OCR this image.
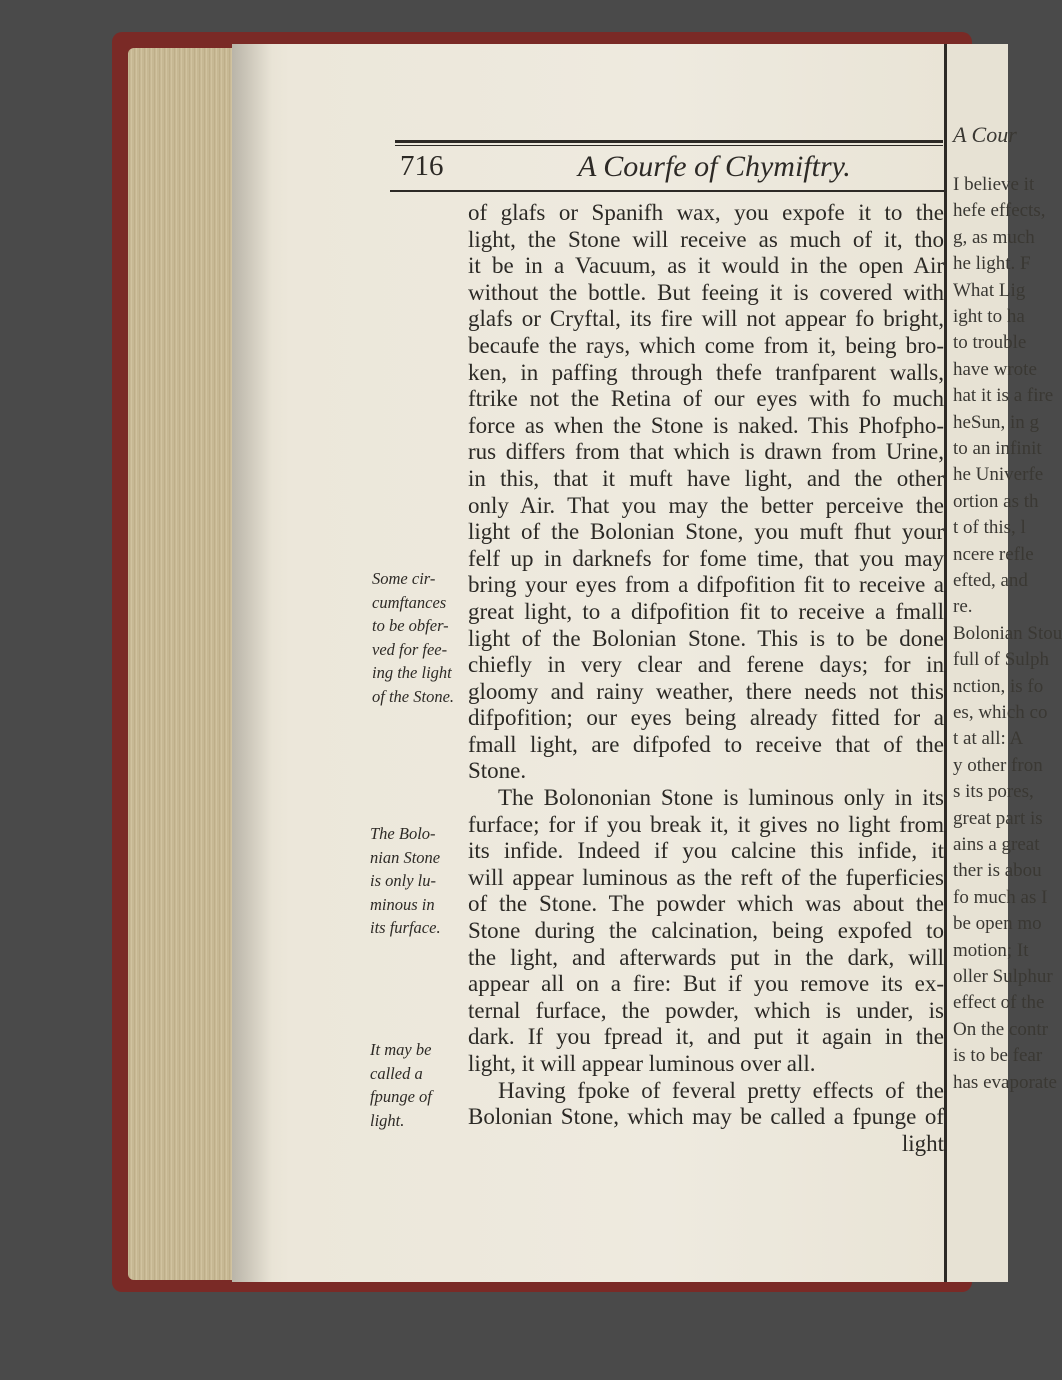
A Cour
I believe it
hefe effects,
g, as much
he light. F
What Lig
ight to ha
to trouble
have wrote
hat it is a fire
heSun, in g
to an infinit
he Univerfe
ortion as th
t of this, l
ncere refle
efted, and
re.
Bolonian Stou
full of Sulph
nction, is fo
es, which co
t at all: A
y other fron
s its pores,
great part is
ains a great
ther is abou
fo much as I
be open mo
motion; It
oller Sulphur
effect of the
On the contr
is to be fear
has evaporate
716	A Courfe of Chymiftry.
of glafs or Spanifh wax, you expofe it to the
light, the Stone will receive as much of it, tho
it be in a Vacuum, as it would in the open Air
without the bottle. But feeing it is covered with
glafs or Cryftal, its fire will not appear fo bright,
becaufe the rays, which come from it, being bro-
ken, in paffing through thefe tranfparent walls,
ftrike not the Retina of our eyes with fo much
force as when the Stone is naked. This Phofpho-
rus differs from that which is drawn from Urine,
in this, that it muft have light, and the other
only Air. That you may the better perceive the
light of the Bolonian Stone, you muft fhut your
felf up in darknefs for fome time, that you may
bring your eyes from a difpofition fit to receive a
great light, to a difpofition fit to receive a fmall
light of the Bolonian Stone. This is to be done
chiefly in very clear and ferene days; for in
gloomy and rainy weather, there needs not this
difpofition; our eyes being already fitted for a
fmall light, are difpofed to receive that of the
Stone.
The Bolononian Stone is luminous only in its
furface; for if you break it, it gives no light from
its infide. Indeed if you calcine this infide, it
will appear luminous as the reft of the fuperficies
of the Stone. The powder which was about the
Stone during the calcination, being expofed to
the light, and afterwards put in the dark, will
appear all on a fire: But if you remove its ex-
ternal furface, the powder, which is under, is
dark. If you fpread it, and put it again in the
light, it will appear luminous over all.
Having fpoke of feveral pretty effects of the
Bolonian Stone, which may be called a fpunge of
light
Some cir-
cumftances
to be obfer-
ved for fee-
ing the light
of the Stone.
The Bolo-
nian Stone
is only lu-
minous in
its furface.
It may be
called a
fpunge of
light.
